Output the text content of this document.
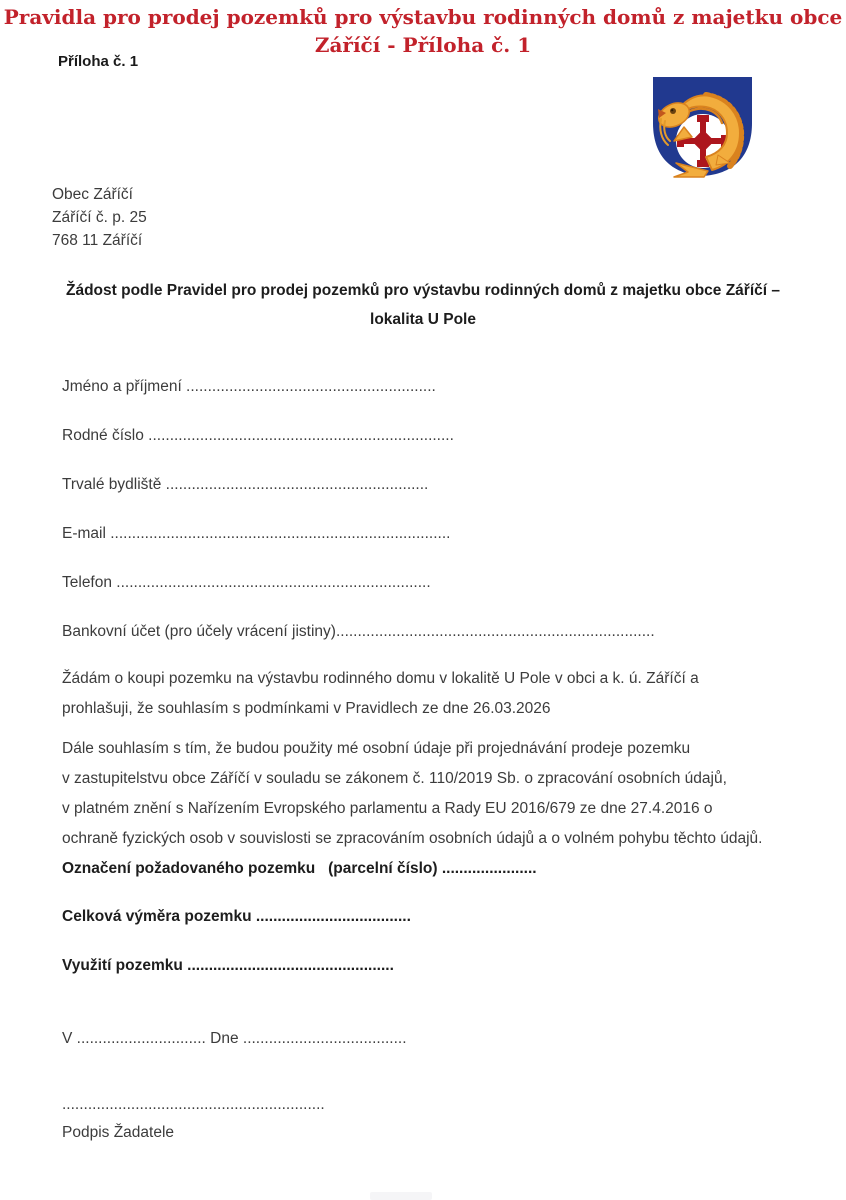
Pravidla pro prodej pozemků pro výstavbu rodinných domů z majetku obce
Záříčí - Příloha č. 1
Příloha č. 1
Obec Záříčí
Záříčí č. p. 25
768 11 Záříčí
Žádost podle Pravidel pro prodej pozemků pro výstavbu rodinných domů z majetku obce Záříčí –
lokalita U Pole
Jméno a příjmení ..........................................................
Rodné číslo .......................................................................
Trvalé bydliště .............................................................
E-mail ...............................................................................
Telefon .........................................................................
Bankovní účet (pro účely vrácení jistiny)..........................................................................
Žádám o koupi pozemku na výstavbu rodinného domu v lokalitě U Pole v obci a k. ú. Záříčí a
prohlašuji, že souhlasím s podmínkami v Pravidlech ze dne 26.03.2026
Dále souhlasím s tím, že budou použity mé osobní údaje při projednávání prodeje pozemku
v zastupitelstvu obce Záříčí v souladu se zákonem č. 110/2019 Sb. o zpracování osobních údajů,
v platném znění s Nařízením Evropského parlamentu a Rady EU 2016/679 ze dne 27.4.2016 o
ochraně fyzických osob v souvislosti se zpracováním osobních údajů a o volném pohybu těchto údajů.
Označení požadovaného pozemku   (parcelní číslo) ......................
Celková výměra pozemku ....................................
Využití pozemku ................................................
V .............................. Dne ......................................
.............................................................
Podpis Žadatele
